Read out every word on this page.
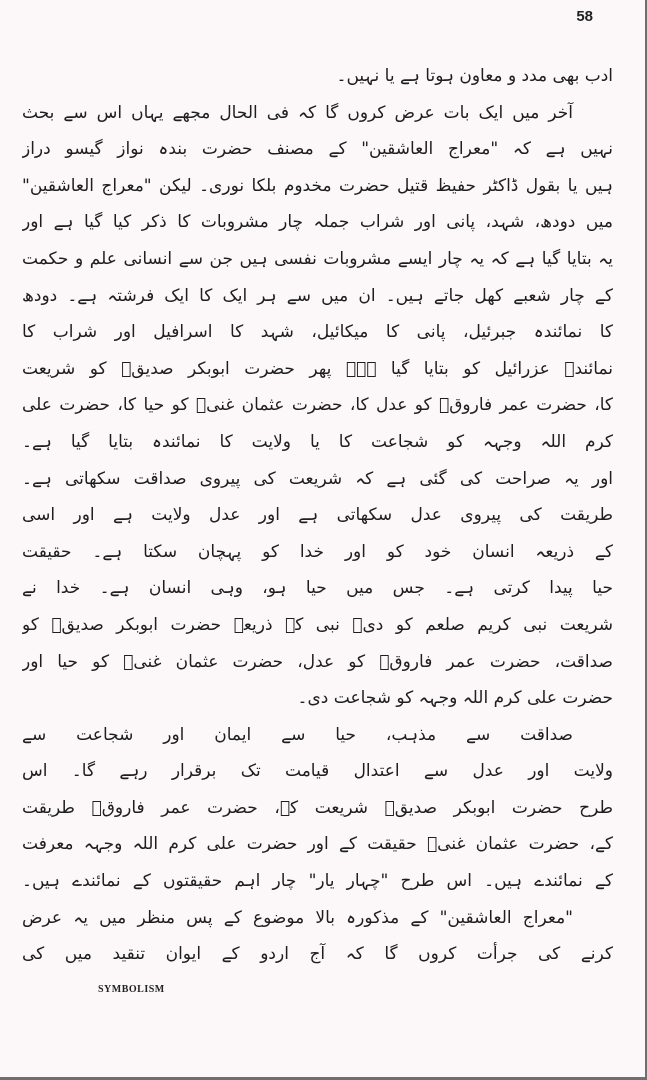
58
ادب بھی مدد و معاون ہوتا ہے یا نہیں۔
آخر میں ایک بات عرض کروں گا کہ فی الحال مجھے یہاں اس سے بحث
نہیں ہے کہ "معراج العاشقین" کے مصنف حضرت بندہ نواز گیسو دراز
ہیں یا بقول ڈاکٹر حفیظ قتیل حضرت مخدوم بلکا نوری۔ لیکن "معراج العاشقین"
میں دودھ، شہد، پانی اور شراب جملہ چار مشروبات کا ذکر کیا گیا ہے اور
یہ بتایا گیا ہے کہ یہ چار ایسے مشروبات نفسی ہیں جن سے انسانی علم و حکمت
کے چار شعبے کھل جاتے ہیں۔ ان میں سے ہر ایک کا ایک فرشتہ ہے۔ دودھ
کا نمائندہ جبرئیل، پانی کا میکائیل، شہد کا اسرافیل اور شراب کا
نمائندہ عزرائیل کو بتایا گیا ہے۔ پھر حضرت ابوبکر صدیقؓ کو شریعت
کا، حضرت عمر فاروقؓ کو عدل کا، حضرت عثمان غنیؓ کو حیا کا، حضرت علی
کرم اللہ وجہہ کو شجاعت کا یا ولایت کا نمائندہ بتایا گیا ہے۔
اور یہ صراحت کی گئی ہے کہ شریعت کی پیروی صداقت سکھاتی ہے۔
طریقت کی پیروی عدل سکھاتی ہے اور عدل ولایت ہے اور اسی
کے ذریعہ انسان خود کو اور خدا کو پہچان سکتا ہے۔ حقیقت
حیا پیدا کرتی ہے۔ جس میں حیا ہو، وہی انسان ہے۔ خدا نے
شریعت نبی کریم صلعم کو دی۔ نبی کے ذریعہ حضرت ابوبکر صدیقؓ کو
صداقت، حضرت عمر فاروقؓ کو عدل، حضرت عثمان غنیؓ کو حیا اور
حضرت علی کرم اللہ وجہہ کو شجاعت دی۔
صداقت سے مذہب، حیا سے ایمان اور شجاعت سے
ولایت اور عدل سے اعتدال قیامت تک برقرار رہے گا۔ اس
طرح حضرت ابوبکر صدیقؓ شریعت کے، حضرت عمر فاروقؓ طریقت
کے، حضرت عثمان غنیؓ حقیقت کے اور حضرت علی کرم اللہ وجہہ معرفت
کے نمائندے ہیں۔ اس طرح "چہار یار" چار اہم حقیقتوں کے نمائندے ہیں۔
"معراج العاشقین" کے مذکورہ بالا موضوع کے پس منظر میں یہ عرض
کرنے کی جرأت کروں گا کہ آج اردو کے ایوان تنقید میں کی
SYMBOLISM
